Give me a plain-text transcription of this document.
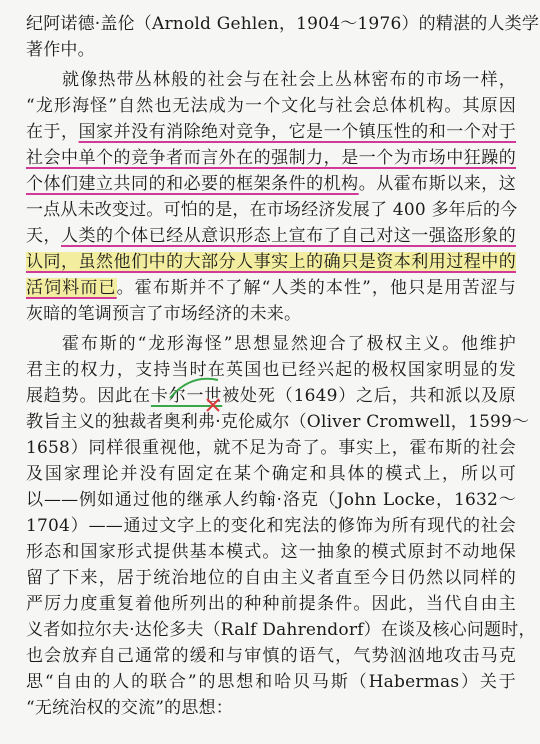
纪阿诺德·盖伦（Arnold Gehlen，1904～1976）的精湛的人类学
著作中。
就像热带丛林般的社会与在社会上丛林密布的市场一样，
“龙形海怪”自然也无法成为一个文化与社会总体机构。其原因
在于，国家并没有消除绝对竞争，它是一个镇压性的和一个对于
社会中单个的竞争者而言外在的强制力，是一个为市场中狂躁的
个体们建立共同的和必要的框架条件的机构。从霍布斯以来，这
一点从未改变过。可怕的是，在市场经济发展了 400 多年后的今
天，人类的个体已经从意识形态上宣布了自己对这一强盗形象的
认同，虽然他们中的大部分人事实上的确只是资本利用过程中的
活饲料而已。霍布斯并不了解“人类的本性”，他只是用苦涩与
灰暗的笔调预言了市场经济的未来。
霍布斯的“龙形海怪”思想显然迎合了极权主义。他维护
君主的权力，支持当时在英国也已经兴起的极权国家明显的发
展趋势。因此在卡尔一世被处死（1649）之后，共和派以及原
教旨主义的独裁者奥利弗·克伦威尔（Oliver Cromwell，1599～
1658）同样很重视他，就不足为奇了。事实上，霍布斯的社会
及国家理论并没有固定在某个确定和具体的模式上，所以可
以——例如通过他的继承人约翰·洛克（John Locke，1632～
1704）——通过文字上的变化和宪法的修饰为所有现代的社会
形态和国家形式提供基本模式。这一抽象的模式原封不动地保
留了下来，居于统治地位的自由主义者直至今日仍然以同样的
严厉力度重复着他所列出的种种前提条件。因此，当代自由主
义者如拉尔夫·达伦多夫（Ralf Dahrendorf）在谈及核心问题时，
也会放弃自己通常的缓和与审慎的语气，气势汹汹地攻击马克
思“自由的人的联合”的思想和哈贝马斯（Habermas）关于
“无统治权的交流”的思想：
